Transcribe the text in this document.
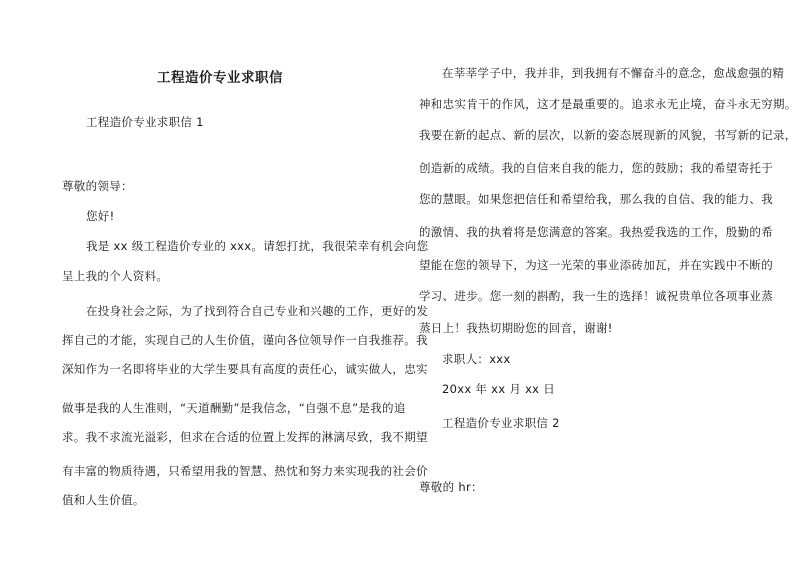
工程造价专业求职信
工程造价专业求职信 1
尊敬的领导：
您好!
我是 xx 级工程造价专业的 xxx。请恕打扰，我很荣幸有机会向您
呈上我的个人资料。
在投身社会之际，为了找到符合自己专业和兴趣的工作，更好的发
挥自己的才能，实现自己的人生价值，谨向各位领导作一自我推荐。我
深知作为一名即将毕业的大学生要具有高度的责任心，诚实做人，忠实
做事是我的人生准则，“天道酬勤”是我信念，“自强不息”是我的追
求。我不求流光溢彩，但求在合适的位置上发挥的淋漓尽致，我不期望
有丰富的物质待遇，只希望用我的智慧、热忱和努力来实现我的社会价
值和人生价值。
在莘莘学子中，我并非，到我拥有不懈奋斗的意念，愈战愈强的精
神和忠实肯干的作风，这才是最重要的。追求永无止境，奋斗永无穷期。
我要在新的起点、新的层次，以新的姿态展现新的风貌，书写新的记录，
创造新的成绩。我的自信来自我的能力，您的鼓励；我的希望寄托于
您的慧眼。如果您把信任和希望给我，那么我的自信、我的能力、我
的激情、我的执着将是您满意的答案。我热爱我选的工作，殷勤的希
望能在您的领导下，为这一光荣的事业添砖加瓦，并在实践中不断的
学习、进步。您一刻的斟酌，我一生的选择！诚祝贵单位各项事业蒸
蒸日上！我热切期盼您的回音，谢谢!
求职人：xxx
20xx 年 xx 月 xx 日
工程造价专业求职信 2
尊敬的 hr：
